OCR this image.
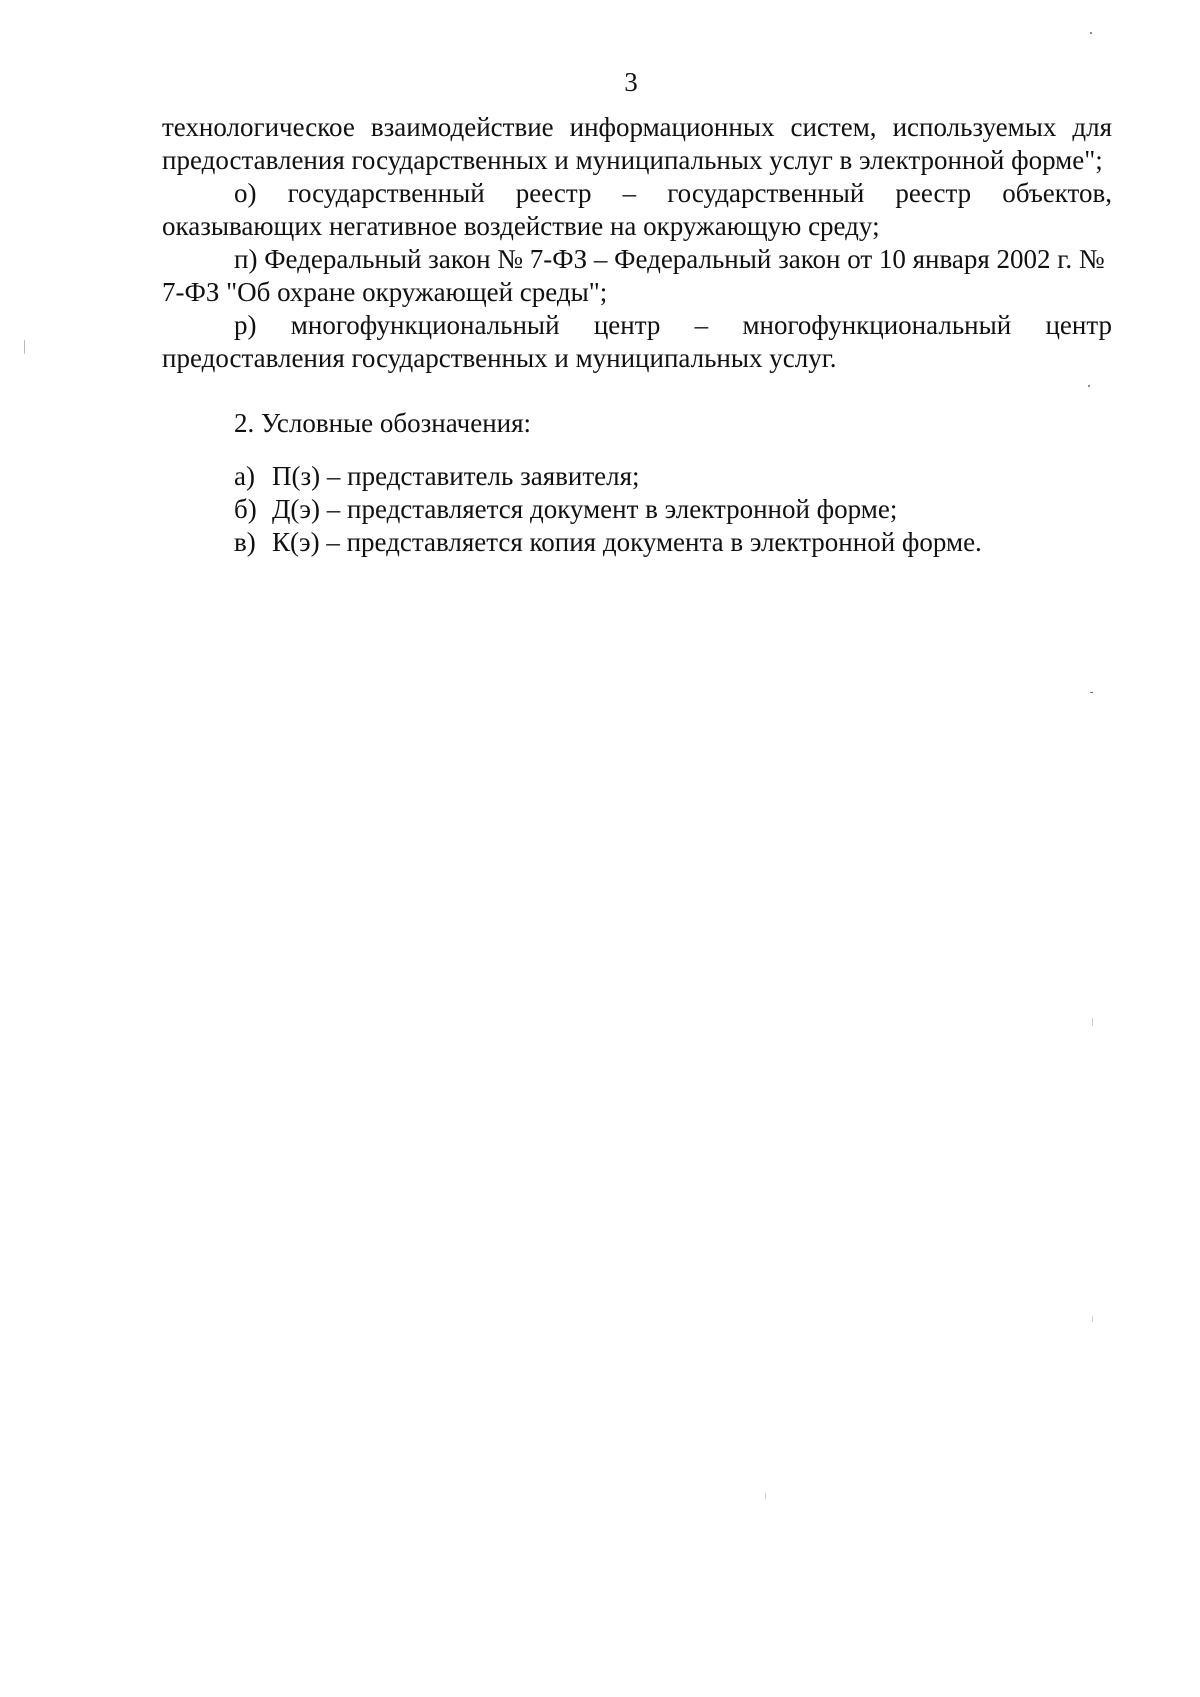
3

технологическое взаимодействие информационных систем, используемых для предоставления государственных и муниципальных услуг в электронной форме";

о) государственный реестр – государственный реестр объектов, оказывающих негативное воздействие на окружающую среду;

п) Федеральный закон № 7-ФЗ – Федеральный закон от 10 января 2002 г. № 7-ФЗ "Об охране окружающей среды";

р) многофункциональный центр – многофункциональный центр предоставления государственных и муниципальных услуг.

2. Условные обозначения:

а) П(з) – представитель заявителя;
б) Д(э) – представляется документ в электронной форме;
в) К(э) – представляется копия документа в электронной форме.
